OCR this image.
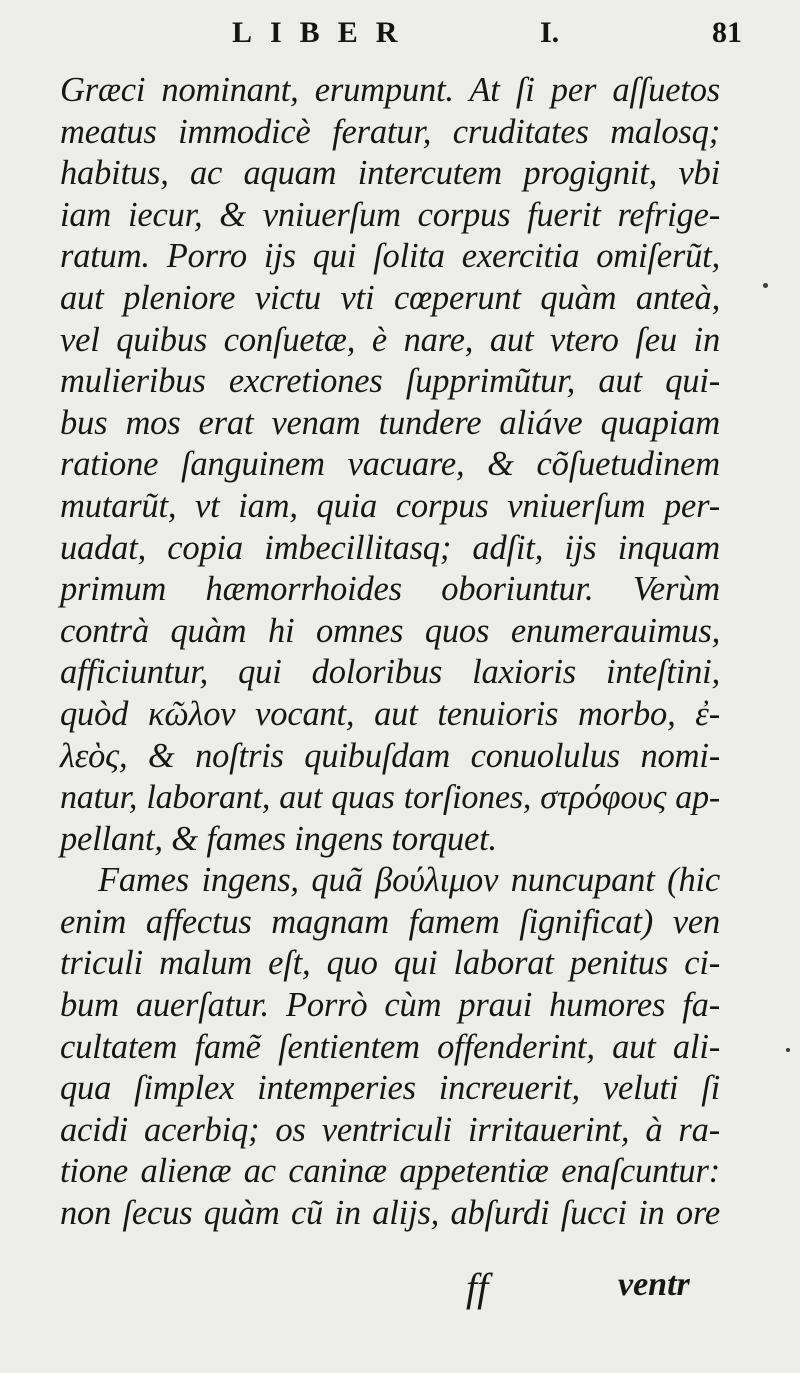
LIBER	I.	81
Græci nominant, erumpunt. At ſi per aſſuetos
meatus immodicè feratur, cruditates malosq;
habitus, ac aquam intercutem progignit, vbi
iam iecur, & vniuerſum corpus fuerit refrige-
ratum. Porro ijs qui ſolita exercitia omiſerũt,
aut pleniore victu vti cœperunt quàm anteà,
vel quibus conſuetæ, è nare, aut vtero ſeu in
mulieribus excretiones ſupprimũtur, aut qui-
bus mos erat venam tundere aliáve quapiam
ratione ſanguinem vacuare, & cõſuetudinem
mutarũt, vt iam, quia corpus vniuerſum per-
uadat, copia imbecillitasq; adſit, ijs inquam
primum hæmorrhoides oboriuntur. Verùm
contrà quàm hi omnes quos enumerauimus,
afficiuntur, qui doloribus laxioris inteſtini,
quòd κῶλον vocant, aut tenuioris morbo, ἐ-
λεὸς, & noſtris quibuſdam conuolulus nomi-
natur, laborant, aut quas torſiones, στρόφους ap-
pellant, & fames ingens torquet.
Fames ingens, quã βούλιμον nuncupant (hic
enim affectus magnam famem ſignificat) ven
triculi malum eſt, quo qui laborat penitus ci-
bum auerſatur. Porrò cùm praui humores fa-
cultatem famẽ ſentientem offenderint, aut ali-
qua ſimplex intemperies increuerit, veluti ſi
acidi acerbiq; os ventriculi irritauerint, à ra-
tione alienæ ac caninæ appetentiæ enaſcuntur:
non ſecus quàm cũ in alijs, abſurdi ſucci in ore
ff	ventr
